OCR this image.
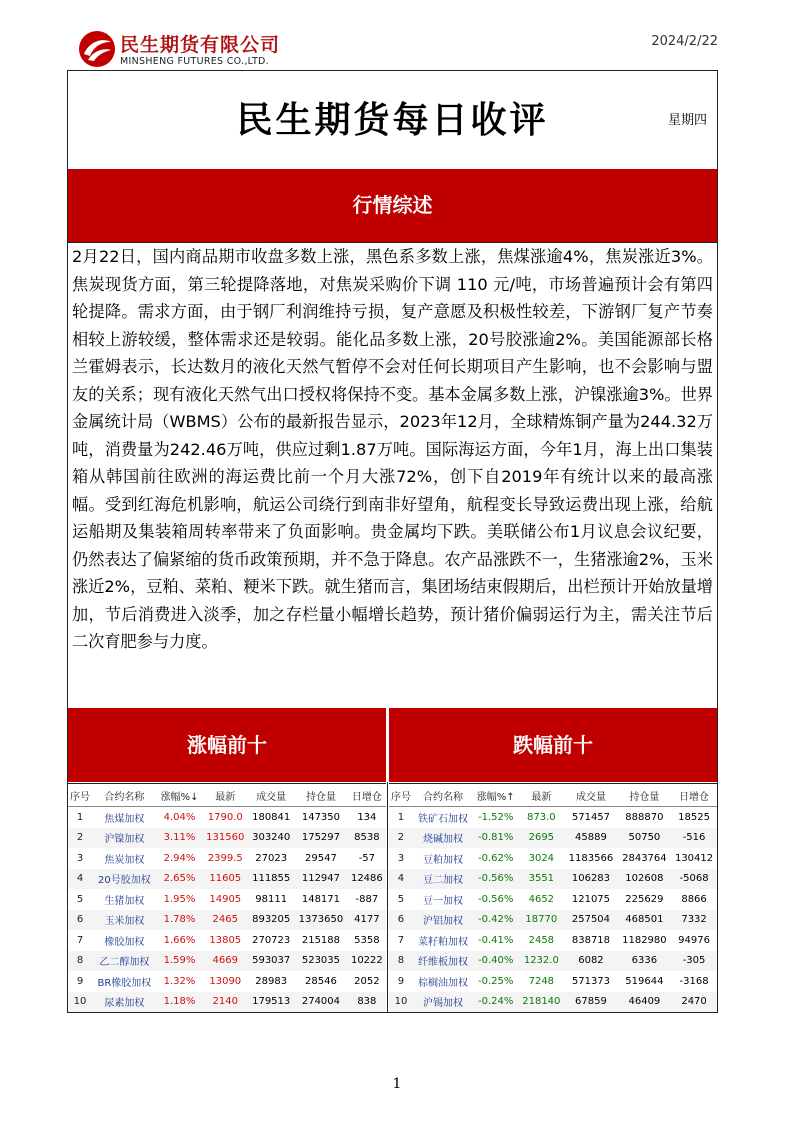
民生期货有限公司
MINSHENG FUTURES CO.,LTD.
2024/2/22
民生期货每日收评	星期四
行情综述
2月22日，国内商品期市收盘多数上涨，黑色系多数上涨，焦煤涨逾4%，焦炭涨近3%。焦炭现货方面，第三轮提降落地，对焦炭采购价下调 110 元/吨，市场普遍预计会有第四轮提降。需求方面，由于钢厂利润维持亏损，复产意愿及积极性较差，下游钢厂复产节奏相较上游较缓，整体需求还是较弱。能化品多数上涨，20号胶涨逾2%。美国能源部长格兰霍姆表示，长达数月的液化天然气暂停不会对任何长期项目产生影响，也不会影响与盟友的关系；现有液化天然气出口授权将保持不变。基本金属多数上涨，沪镍涨逾3%。世界金属统计局（WBMS）公布的最新报告显示，2023年12月，全球精炼铜产量为244.32万吨，消费量为242.46万吨，供应过剩1.87万吨。国际海运方面，今年1月，海上出口集装箱从韩国前往欧洲的海运费比前一个月大涨72%，创下自2019年有统计以来的最高涨幅。受到红海危机影响，航运公司绕行到南非好望角，航程变长导致运费出现上涨，给航运船期及集装箱周转率带来了负面影响。贵金属均下跌。美联储公布1月议息会议纪要，仍然表达了偏紧缩的货币政策预期，并不急于降息。农产品涨跌不一，生猪涨逾2%，玉米涨近2%，豆粕、菜粕、粳米下跌。就生猪而言，集团场结束假期后，出栏预计开始放量增加，节后消费进入淡季，加之存栏量小幅增长趋势，预计猪价偏弱运行为主，需关注节后二次育肥参与力度。
涨幅前十	跌幅前十
序号	合约名称	涨幅%↓	最新	成交量	持仓量	日增仓
1	焦煤加权	4.04%	1790.0	180841	147350	134
2	沪镍加权	3.11%	131560	303240	175297	8538
3	焦炭加权	2.94%	2399.5	27023	29547	-57
4	20号胶加权	2.65%	11605	111855	112947	12486
5	生猪加权	1.95%	14905	98111	148171	-887
6	玉米加权	1.78%	2465	893205	1373650	4177
7	橡胶加权	1.66%	13805	270723	215188	5358
8	乙二醇加权	1.59%	4669	593037	523035	10222
9	BR橡胶加权	1.32%	13090	28983	28546	2052
10	尿素加权	1.18%	2140	179513	274004	838
序号	合约名称	涨幅%↑	最新	成交量	持仓量	日增仓
1	铁矿石加权	-1.52%	873.0	571457	888870	18525
2	烧碱加权	-0.81%	2695	45889	50750	-516
3	豆粕加权	-0.62%	3024	1183566	2843764	130412
4	豆二加权	-0.56%	3551	106283	102608	-5068
5	豆一加权	-0.56%	4652	121075	225629	8866
6	沪铝加权	-0.42%	18770	257504	468501	7332
7	菜籽粕加权	-0.41%	2458	838718	1182980	94976
8	纤维板加权	-0.40%	1232.0	6082	6336	-305
9	棕榈油加权	-0.25%	7248	571373	519644	-3168
10	沪锡加权	-0.24%	218140	67859	46409	2470
1
